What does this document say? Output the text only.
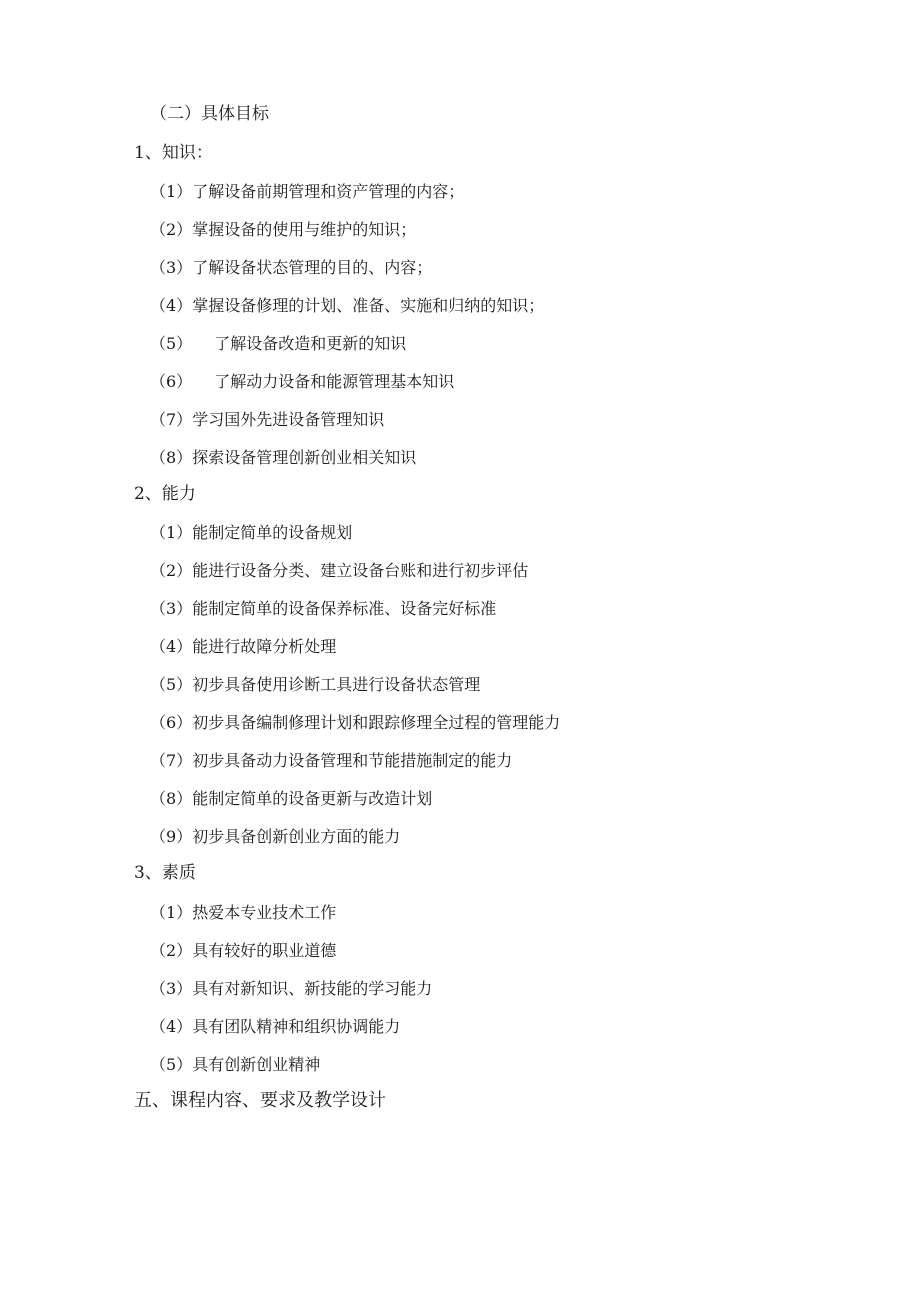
（二）具体目标
1、知识：
（1）了解设备前期管理和资产管理的内容；
（2）掌握设备的使用与维护的知识；
（3）了解设备状态管理的目的、内容；
（4）掌握设备修理的计划、准备、实施和归纳的知识；
（5） 了解设备改造和更新的知识
（6） 了解动力设备和能源管理基本知识
（7）学习国外先进设备管理知识
（8）探索设备管理创新创业相关知识
2、能力
（1）能制定简单的设备规划
（2）能进行设备分类、建立设备台账和进行初步评估
（3）能制定简单的设备保养标准、设备完好标准
（4）能进行故障分析处理
（5）初步具备使用诊断工具进行设备状态管理
（6）初步具备编制修理计划和跟踪修理全过程的管理能力
（7）初步具备动力设备管理和节能措施制定的能力
（8）能制定简单的设备更新与改造计划
（9）初步具备创新创业方面的能力
3、素质
（1）热爱本专业技术工作
（2）具有较好的职业道德
（3）具有对新知识、新技能的学习能力
（4）具有团队精神和组织协调能力
（5）具有创新创业精神
五、课程内容、要求及教学设计
